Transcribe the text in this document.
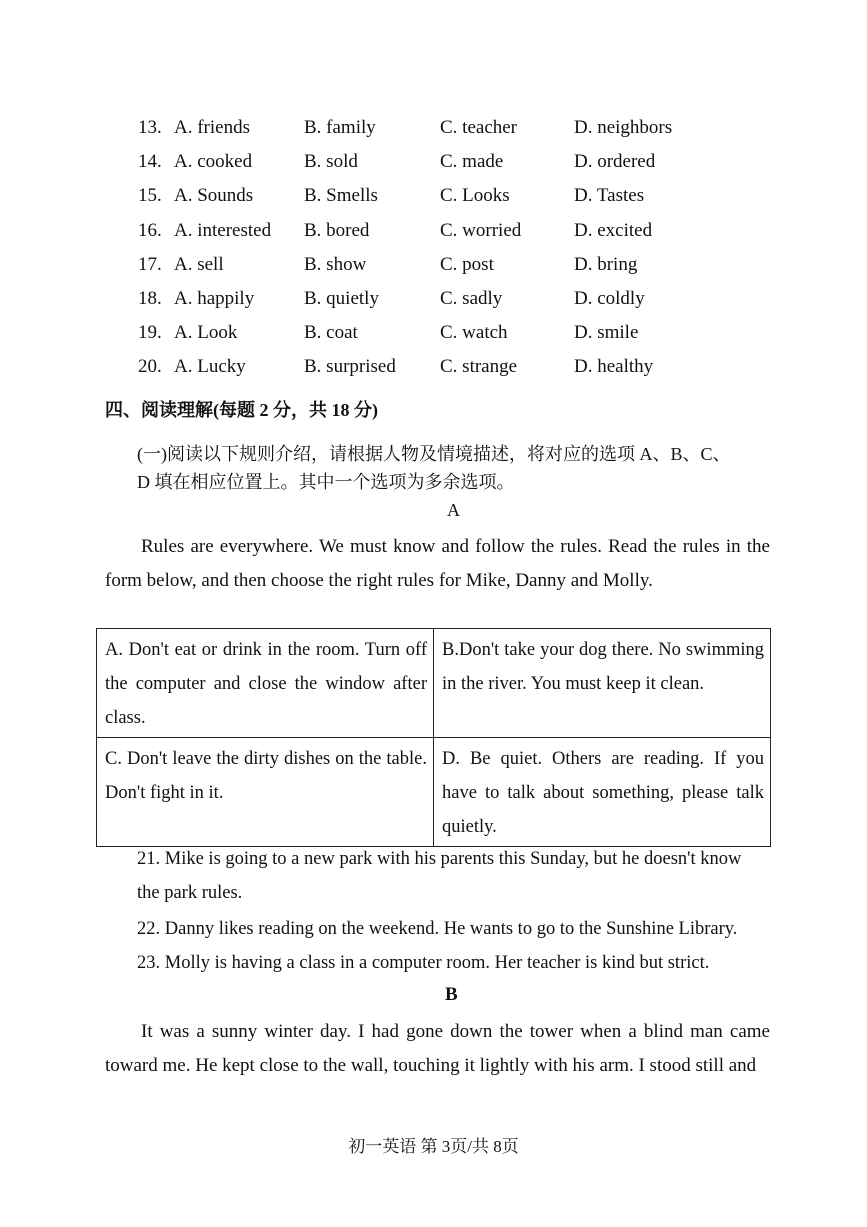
13. A. friends	B. family	C. teacher	D. neighbors
14. A. cooked	B. sold	C. made	D. ordered
15. A. Sounds	B. Smells	C. Looks	D. Tastes
16. A. interested B. bored	C. worried	D. excited
17. A. sell	B. show	C. post	D. bring
18. A. happily	B. quietly	C. sadly	D. coldly
19. A. Look	B. coat	C. watch	D. smile
20. A. Lucky	B. surprised C. strange	D. healthy
四、阅读理解(每题 2 分，共 18 分)
(一)阅读以下规则介绍，请根据人物及情境描述，将对应的选项 A、B、C、
D 填在相应位置上。其中一个选项为多余选项。
A
Rules are everywhere. We must know and follow the rules. Read the rules in the form below, and then choose the right rules for Mike, Danny and Molly.
A. Don't eat or drink in the room. Turn off the computer and close the window after class.	B.Don't take your dog there. No swimming in the river. You must keep it clean.
C. Don't leave the dirty dishes on the table. Don't fight in it.	D. Be quiet. Others are reading. If you have to talk about something, please talk quietly.
21. Mike is going to a new park with his parents this Sunday, but he doesn't know the park rules.
22. Danny likes reading on the weekend. He wants to go to the Sunshine Library.
23. Molly is having a class in a computer room. Her teacher is kind but strict.
B
It was a sunny winter day. I had gone down the tower when a blind man came toward me. He kept close to the wall, touching it lightly with his arm. I stood still and
初一英语 第 3页/共 8页
